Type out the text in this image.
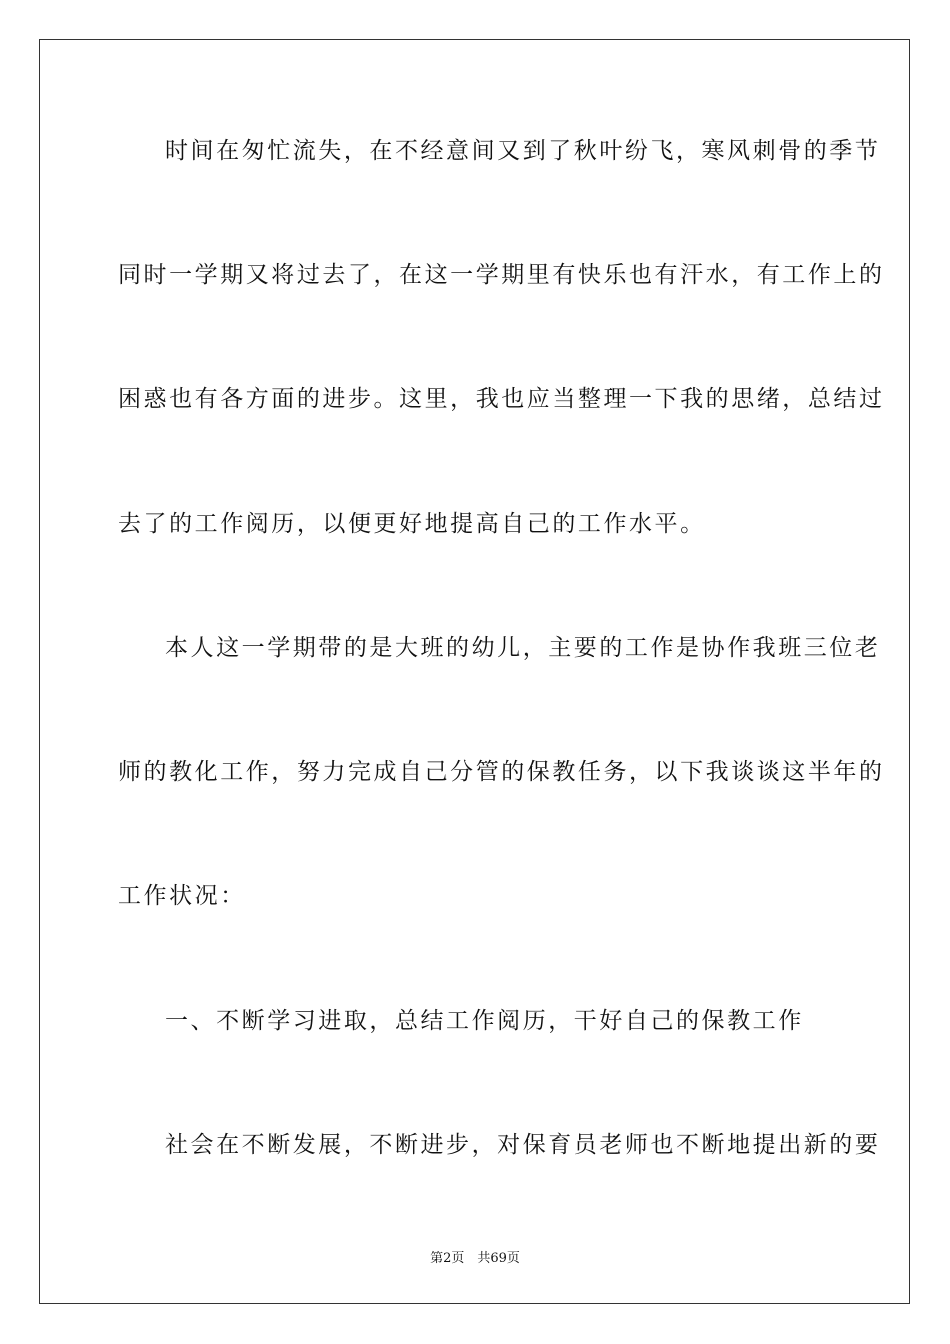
时间在匆忙流失，在不经意间又到了秋叶纷飞，寒风刺骨的季节
同时一学期又将过去了，在这一学期里有快乐也有汗水，有工作上的
困惑也有各方面的进步。这里，我也应当整理一下我的思绪，总结过
去了的工作阅历，以便更好地提高自己的工作水平。
本人这一学期带的是大班的幼儿，主要的工作是协作我班三位老
师的教化工作，努力完成自己分管的保教任务，以下我谈谈这半年的
工作状况：
一、不断学习进取，总结工作阅历，干好自己的保教工作
社会在不断发展，不断进步，对保育员老师也不断地提出新的要
第2页　共69页
